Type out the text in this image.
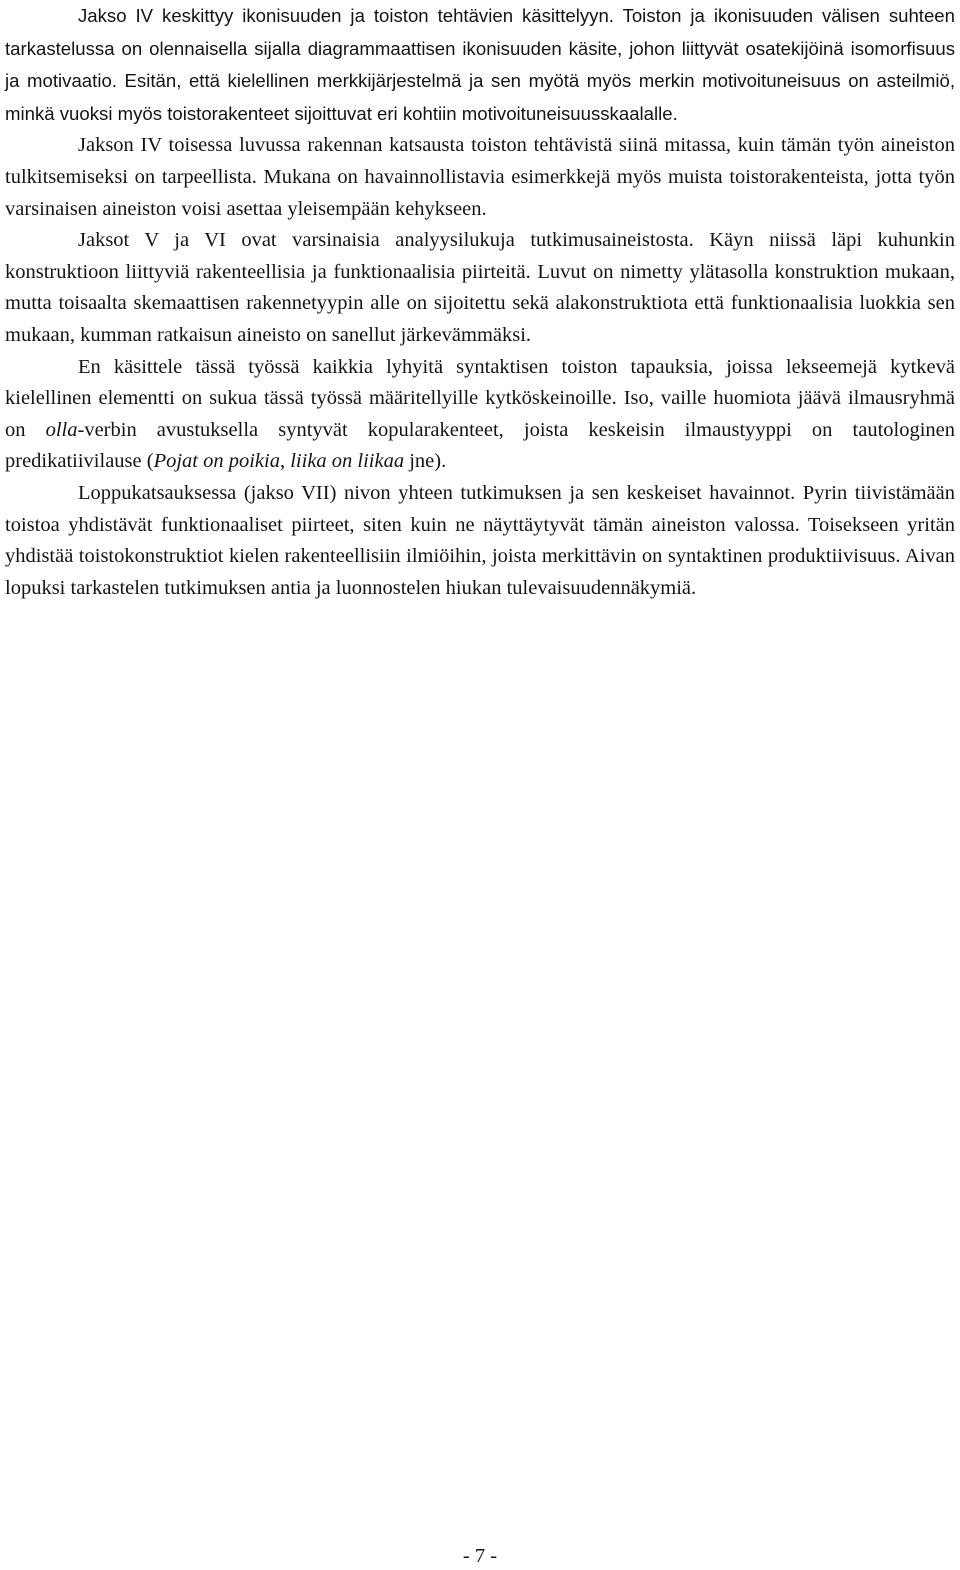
Jakso IV keskittyy ikonisuuden ja toiston tehtävien käsittelyyn. Toiston ja ikonisuuden välisen suhteen tarkastelussa on olennaisella sijalla diagrammaattisen ikonisuuden käsite, johon liittyvät osatekijöinä isomorfisuus ja motivaatio. Esitän, että kielellinen merkkijärjestelmä ja sen myötä myös merkin motivoituneisuus on asteilmiö, minkä vuoksi myös toistorakenteet sijoittuvat eri kohtiin motivoituneisuusskaalalle.

Jakson IV toisessa luvussa rakennan katsausta toiston tehtävistä siinä mitassa, kuin tämän työn aineiston tulkitsemiseksi on tarpeellista. Mukana on havainnollistavia esimerkkejä myös muista toistorakenteista, jotta työn varsinaisen aineiston voisi asettaa yleisempään kehykseen.

Jaksot V ja VI ovat varsinaisia analyysilukuja tutkimusaineistosta. Käyn niissä läpi kuhunkin konstruktioon liittyviä rakenteellisia ja funktionaalisia piirteitä. Luvut on nimetty ylätasolla konstruktion mukaan, mutta toisaalta skemaattisen rakennetyypin alle on sijoitettu sekä alakonstruktiota että funktionaalisia luokkia sen mukaan, kumman ratkaisun aineisto on sanellut järkevämmäksi.

En käsittele tässä työssä kaikkia lyhyitä syntaktisen toiston tapauksia, joissa lekseemejä kytkevä kielellinen elementti on sukua tässä työssä määritellyille kytköskeinoille. Iso, vaille huomiota jäävä ilmausryhmä on olla-verbin avustuksella syntyvät kopularakenteet, joista keskeisin ilmaustyyppi on tautologinen predikatiivilause (Pojat on poikia, liika on liikaa jne).

Loppukatsauksessa (jakso VII) nivon yhteen tutkimuksen ja sen keskeiset havainnot. Pyrin tiivistämään toistoa yhdistävät funktionaaliset piirteet, siten kuin ne näyttäytyvät tämän aineiston valossa. Toisekseen yritän yhdistää toistokonstruktiot kielen rakenteellisiin ilmiöihin, joista merkittävin on syntaktinen produktiivisuus. Aivan lopuksi tarkastelen tutkimuksen antia ja luonnostelen hiukan tulevaisuudennäkymiä.

- 7 -
